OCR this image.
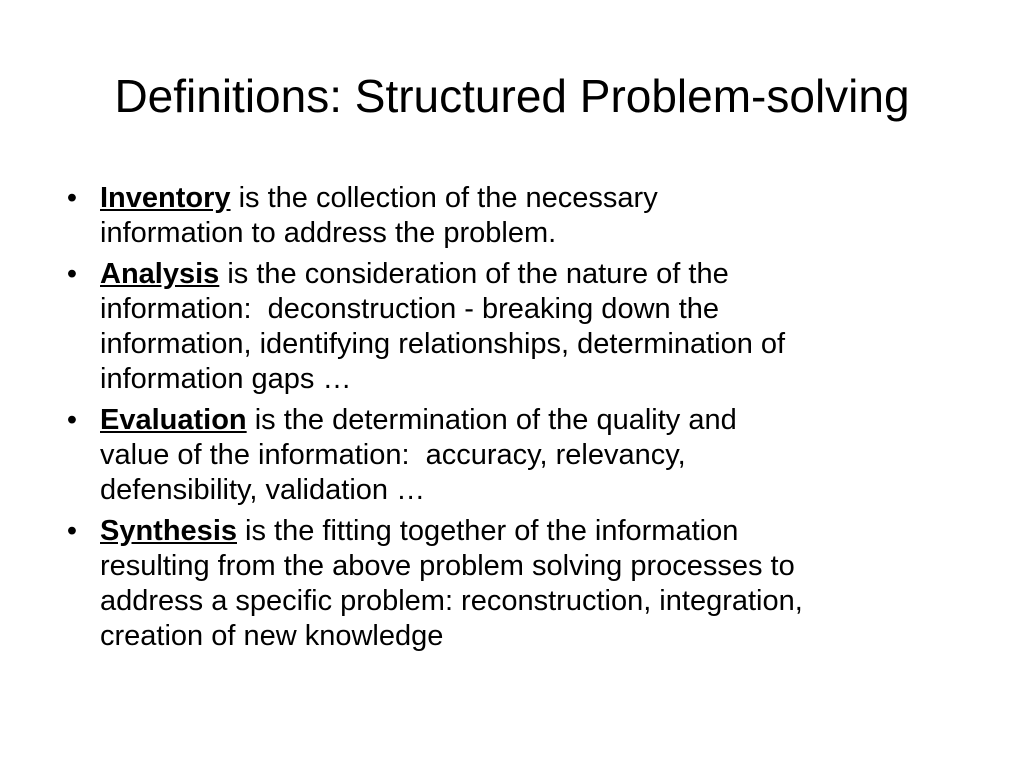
Definitions: Structured Problem-solving
• Inventory is the collection of the necessary
information to address the problem.
• Analysis is the consideration of the nature of the
information:  deconstruction - breaking down the
information, identifying relationships, determination of
information gaps …
• Evaluation is the determination of the quality and
value of the information:  accuracy, relevancy,
defensibility, validation …
• Synthesis is the fitting together of the information
resulting from the above problem solving processes to
address a specific problem: reconstruction, integration,
creation of new knowledge
